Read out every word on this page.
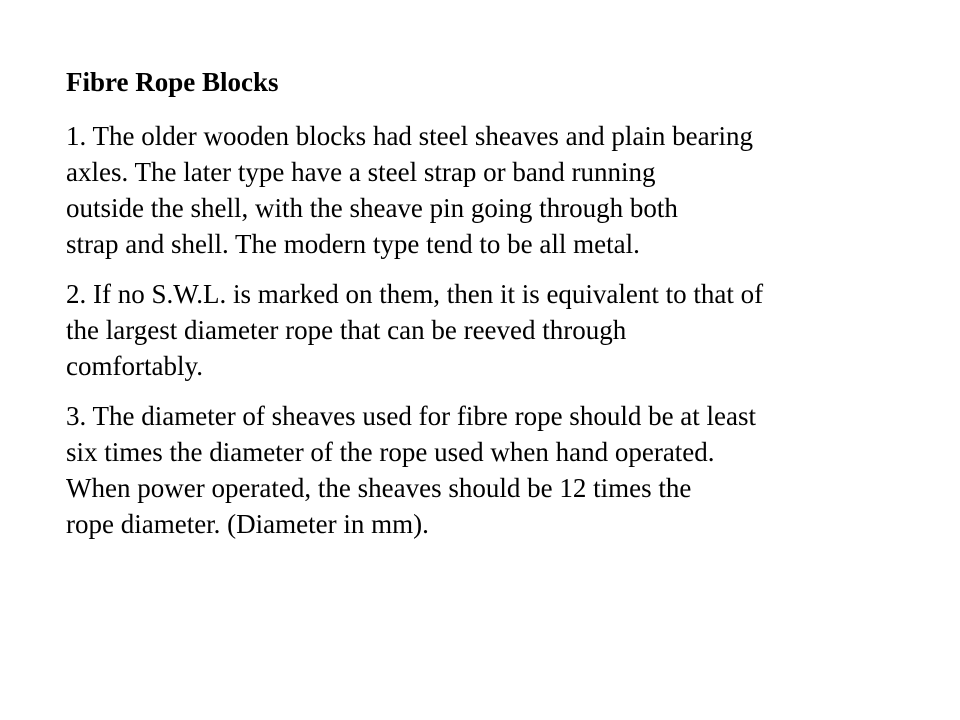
Fibre Rope Blocks
1. The older wooden blocks had steel sheaves and plain bearing
axles. The later type have a steel strap or band running
outside the shell, with the sheave pin going through both
strap and shell. The modern type tend to be all metal.
2. If no S.W.L. is marked on them, then it is equivalent to that of
the largest diameter rope that can be reeved through
comfortably.
3. The diameter of sheaves used for fibre rope should be at least
six times the diameter of the rope used when hand operated.
When power operated, the sheaves should be 12 times the
rope diameter. (Diameter in mm).
